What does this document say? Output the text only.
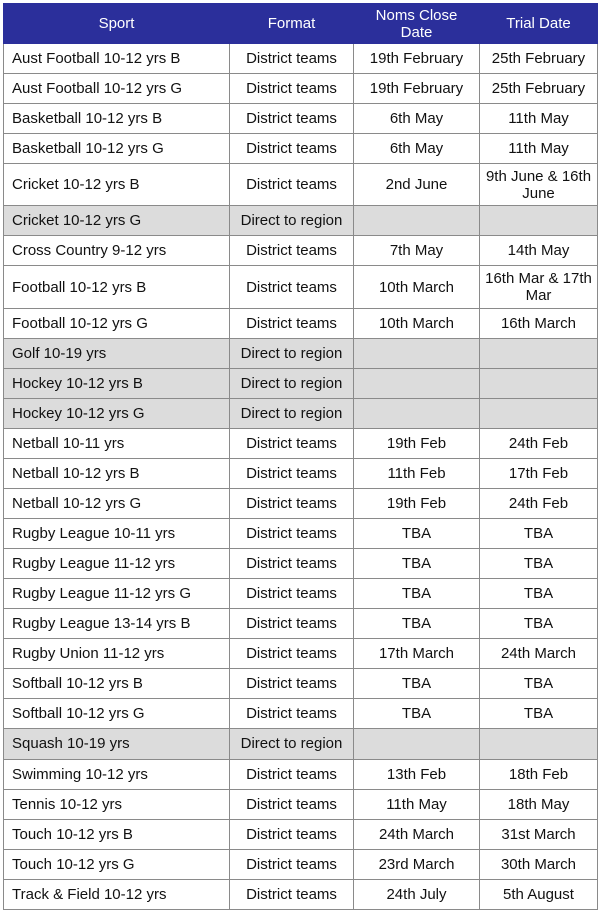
Sport	Format	Noms Close Date	Trial Date
Aust Football 10-12 yrs B	District teams	19th February	25th February
Aust Football 10-12 yrs G	District teams	19th February	25th February
Basketball 10-12 yrs B	District teams	6th May	11th May
Basketball 10-12 yrs G	District teams	6th May	11th May
Cricket 10-12 yrs B	District teams	2nd June	9th June & 16th June
Cricket 10-12 yrs G	Direct to region		
Cross Country 9-12 yrs	District teams	7th May	14th May
Football 10-12 yrs B	District teams	10th March	16th Mar & 17th Mar
Football 10-12 yrs G	District teams	10th March	16th March
Golf 10-19 yrs	Direct to region		
Hockey 10-12 yrs B	Direct to region		
Hockey 10-12 yrs G	Direct to region		
Netball 10-11 yrs	District teams	19th Feb	24th Feb
Netball 10-12 yrs B	District teams	11th Feb	17th Feb
Netball 10-12 yrs G	District teams	19th Feb	24th Feb
Rugby League 10-11 yrs	District teams	TBA	TBA
Rugby League 11-12 yrs	District teams	TBA	TBA
Rugby League 11-12 yrs G	District teams	TBA	TBA
Rugby League 13-14 yrs B	District teams	TBA	TBA
Rugby Union 11-12 yrs	District teams	17th March	24th March
Softball 10-12 yrs B	District teams	TBA	TBA
Softball 10-12 yrs G	District teams	TBA	TBA
Squash 10-19 yrs	Direct to region		
Swimming 10-12 yrs	District teams	13th Feb	18th Feb
Tennis 10-12 yrs	District teams	11th May	18th May
Touch 10-12 yrs B	District teams	24th March	31st March
Touch 10-12 yrs G	District teams	23rd March	30th March
Track & Field 10-12 yrs	District teams	24th July	5th August
